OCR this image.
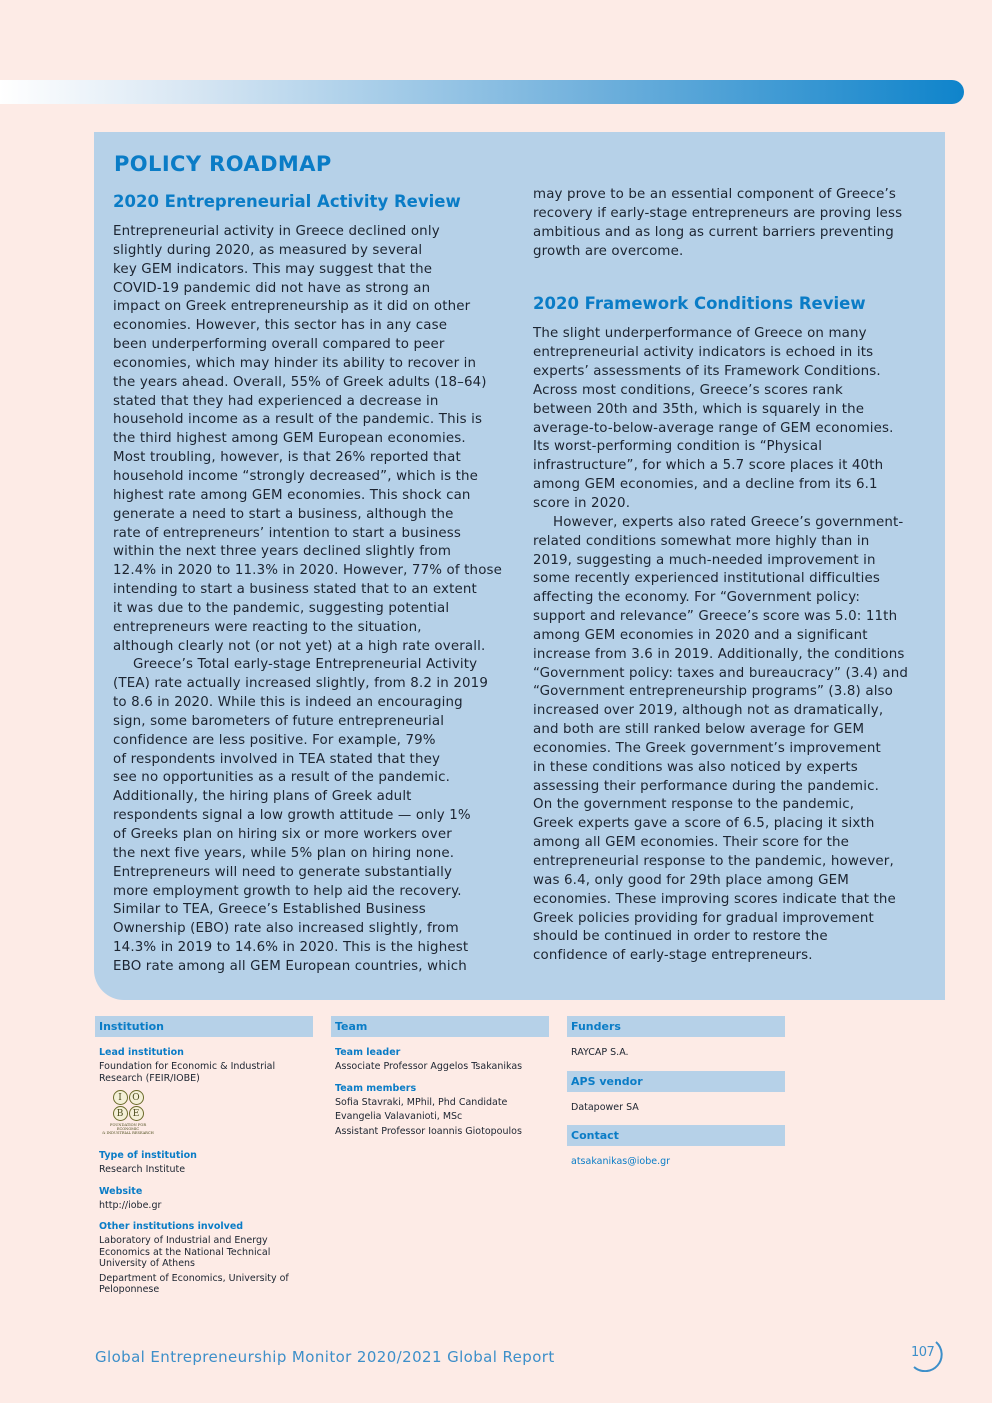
POLICY ROADMAP
2020 Entrepreneurial Activity Review

Entrepreneurial activity in Greece declined only
slightly during 2020, as measured by several
key GEM indicators. This may suggest that the
COVID-19 pandemic did not have as strong an
impact on Greek entrepreneurship as it did on other
economies. However, this sector has in any case
been underperforming overall compared to peer
economies, which may hinder its ability to recover in
the years ahead. Overall, 55% of Greek adults (18–64)
stated that they had experienced a decrease in
household income as a result of the pandemic. This is
the third highest among GEM European economies.
Most troubling, however, is that 26% reported that
household income “strongly decreased”, which is the
highest rate among GEM economies. This shock can
generate a need to start a business, although the
rate of entrepreneurs’ intention to start a business
within the next three years declined slightly from
12.4% in 2020 to 11.3% in 2020. However, 77% of those
intending to start a business stated that to an extent
it was due to the pandemic, suggesting potential
entrepreneurs were reacting to the situation,
although clearly not (or not yet) at a high rate overall.

Greece’s Total early-stage Entrepreneurial Activity
(TEA) rate actually increased slightly, from 8.2 in 2019
to 8.6 in 2020. While this is indeed an encouraging
sign, some barometers of future entrepreneurial
confidence are less positive. For example, 79%
of respondents involved in TEA stated that they
see no opportunities as a result of the pandemic.
Additionally, the hiring plans of Greek adult
respondents signal a low growth attitude — only 1%
of Greeks plan on hiring six or more workers over
the next five years, while 5% plan on hiring none.
Entrepreneurs will need to generate substantially
more employment growth to help aid the recovery.
Similar to TEA, Greece’s Established Business
Ownership (EBO) rate also increased slightly, from
14.3% in 2019 to 14.6% in 2020. This is the highest
EBO rate among all GEM European countries, which

may prove to be an essential component of Greece’s
recovery if early-stage entrepreneurs are proving less
ambitious and as long as current barriers preventing
growth are overcome.

2020 Framework Conditions Review

The slight underperformance of Greece on many
entrepreneurial activity indicators is echoed in its
experts’ assessments of its Framework Conditions.
Across most conditions, Greece’s scores rank
between 20th and 35th, which is squarely in the
average-to-below-average range of GEM economies.
Its worst-performing condition is “Physical
infrastructure”, for which a 5.7 score places it 40th
among GEM economies, and a decline from its 6.1
score in 2020.

However, experts also rated Greece’s government-
related conditions somewhat more highly than in
2019, suggesting a much-needed improvement in
some recently experienced institutional difficulties
affecting the economy. For “Government policy:
support and relevance” Greece’s score was 5.0: 11th
among GEM economies in 2020 and a significant
increase from 3.6 in 2019. Additionally, the conditions
“Government policy: taxes and bureaucracy” (3.4) and
“Government entrepreneurship programs” (3.8) also
increased over 2019, although not as dramatically,
and both are still ranked below average for GEM
economies. The Greek government’s improvement
in these conditions was also noticed by experts
assessing their performance during the pandemic.
On the government response to the pandemic,
Greek experts gave a score of 6.5, placing it sixth
among all GEM economies. Their score for the
entrepreneurial response to the pandemic, however,
was 6.4, only good for 29th place among GEM
economies. These improving scores indicate that the
Greek policies providing for gradual improvement
should be continued in order to restore the
confidence of early-stage entrepreneurs.

Institution
Lead institution
Foundation for Economic & Industrial
Research (FEIR/IOBE)
I	O
B	E
FOUNDATION FOR ECONOMIC
& INDUSTRIAL RESEARCH
Type of institution
Research Institute
Website
http://iobe.gr
Other institutions involved
Laboratory of Industrial and Energy
Economics at the National Technical
University of Athens
Department of Economics, University of
Peloponnese
Team
Team leader
Associate Professor Aggelos Tsakanikas
Team members
Sofia Stavraki, MPhil, Phd Candidate
Evangelia Valavanioti, MSc
Assistant Professor Ioannis Giotopoulos
Funders
RAYCAP S.A.
APS vendor
Datapower SA
Contact
atsakanikas@iobe.gr
Global Entrepreneurship Monitor 2020/2021 Global Report	107
